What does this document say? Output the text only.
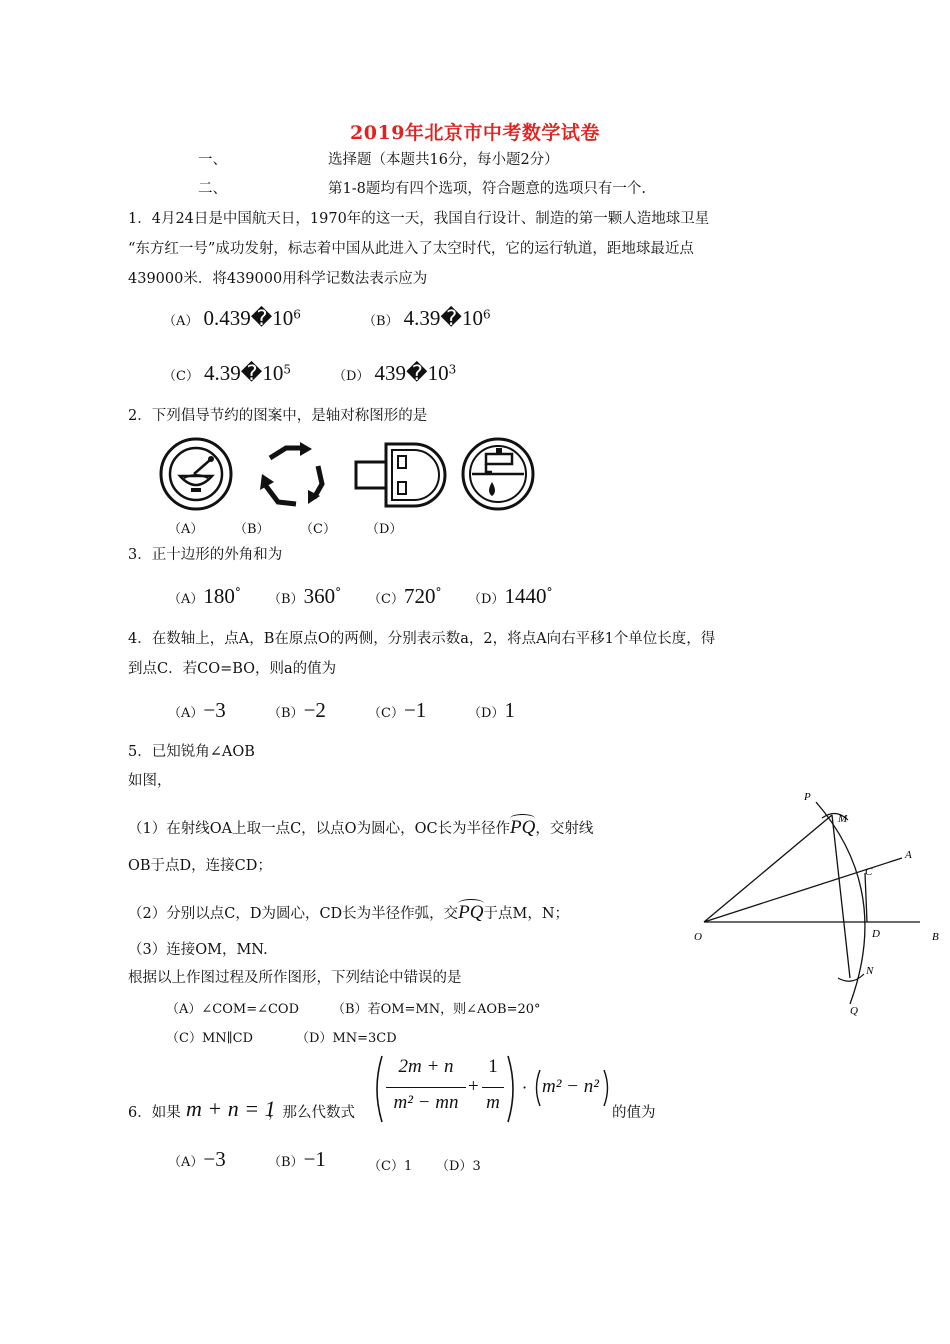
2019年北京市中考数学试卷
一、	选择题（本题共16分，每小题2分）
二、	第1-8题均有四个选项，符合题意的选项只有一个.
1．4月24日是中国航天日，1970年的这一天，我国自行设计、制造的第一颗人造地球卫星
“东方红一号”成功发射，标志着中国从此进入了太空时代，它的运行轨道，距地球最近点
439000米．将439000用科学记数法表示应为
（A） $0.439�10^6$	（B） $4.39�10^6$
（C） $4.39�10^5$	（D） $439�10^3$
2．下列倡导节约的图案中，是轴对称图形的是
（A） （B） （C） （D）
3．正十边形的外角和为
（A）180° （B）360° （C）720° （D）1440°
4．在数轴上，点A，B在原点O的两侧，分别表示数a，2，将点A向右平移1个单位长度，得
到点C．若CO=BO，则a的值为
（A）−3	（B）−2	（C）−1	（D）1
5．已知锐角∠AOB
如图，
（1）在射线OA上取一点C，以点O为圆心，OC长为半径作PQ，交射线
OB于点D，连接CD；
（2）分别以点C，D为圆心，CD长为半径作弧，交PQ于点M，N；
（3）连接OM，MN.
根据以上作图过程及所作图形，下列结论中错误的是
（A）∠COM=∠COD	（B）若OM=MN，则∠AOB=20°
（C）MN∥CD	（D）MN=3CD
P
M
A
C
O	D	B
N
Q
6．如果 m + n = 1
，那么代数式
2m + n
m² − mn
+
1
m
· m² − n²
的值为
（A）−3	（B）−1	（C）1 （D）3
